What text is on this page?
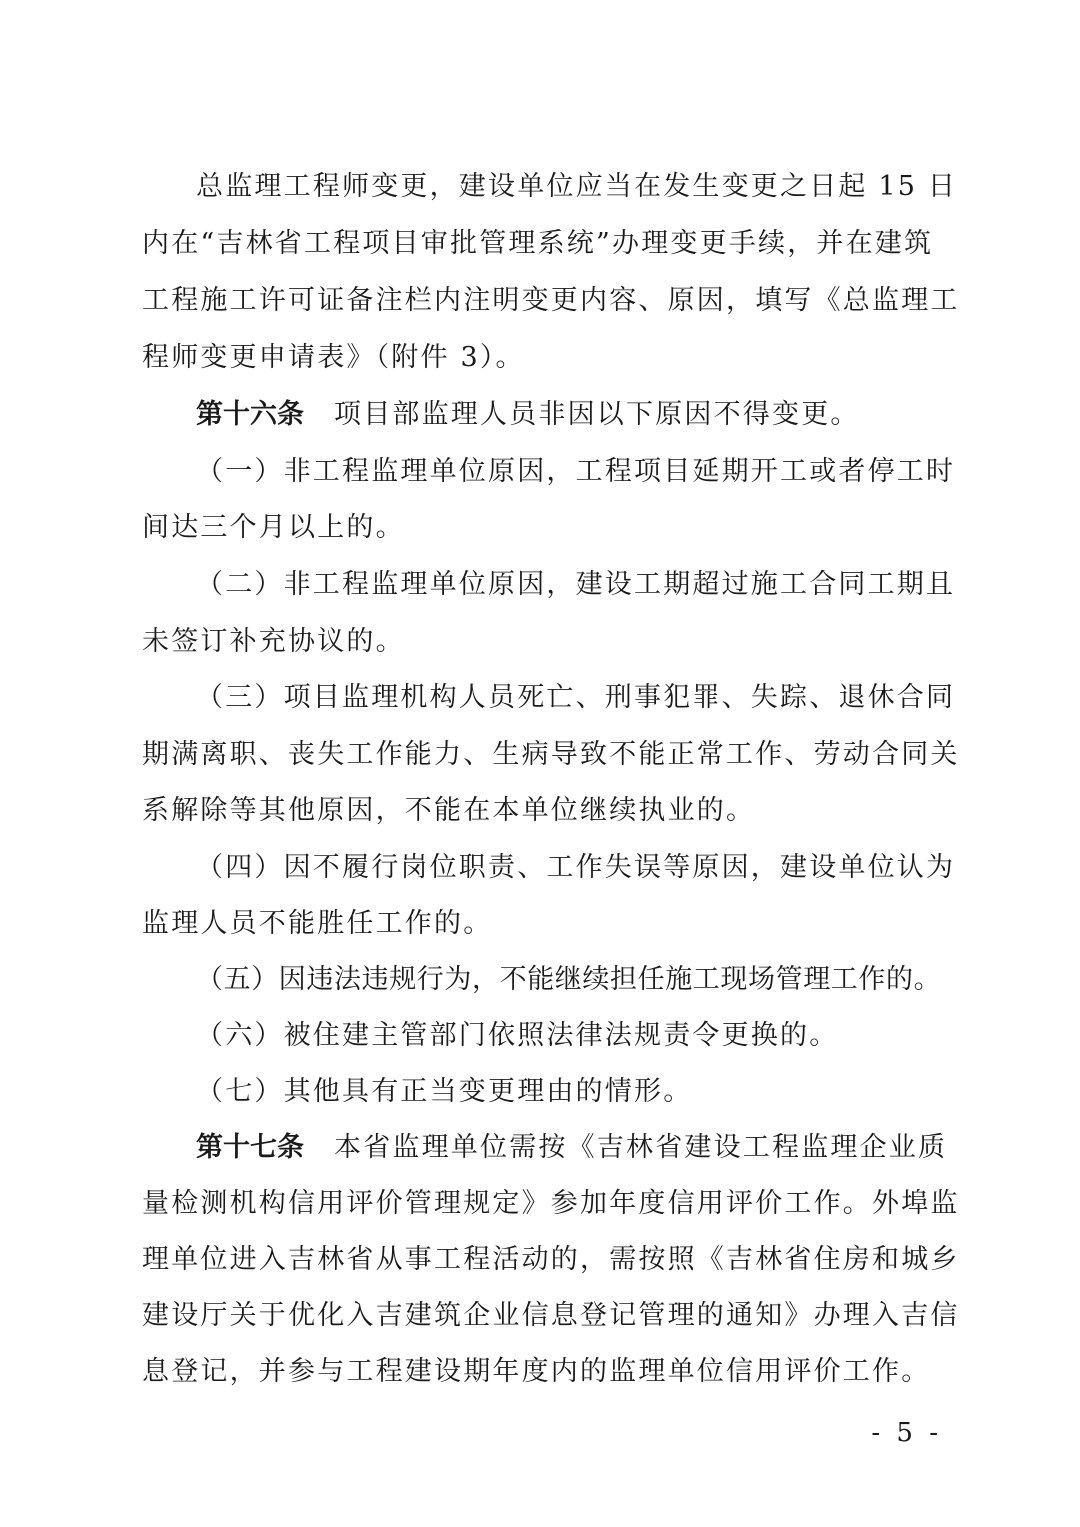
总监理工程师变更，建设单位应当在发生变更之日起 15 日
内在“吉林省工程项目审批管理系统”办理变更手续，并在建筑
工程施工许可证备注栏内注明变更内容、原因，填写《总监理工
程师变更申请表》（附件 3）。
第十六条 项目部监理人员非因以下原因不得变更。
（一）非工程监理单位原因，工程项目延期开工或者停工时
间达三个月以上的。
（二）非工程监理单位原因，建设工期超过施工合同工期且
未签订补充协议的。
（三）项目监理机构人员死亡、刑事犯罪、失踪、退休合同
期满离职、丧失工作能力、生病导致不能正常工作、劳动合同关
系解除等其他原因，不能在本单位继续执业的。
（四）因不履行岗位职责、工作失误等原因，建设单位认为
监理人员不能胜任工作的。
（五）因违法违规行为，不能继续担任施工现场管理工作的。
（六）被住建主管部门依照法律法规责令更换的。
（七）其他具有正当变更理由的情形。
第十七条 本省监理单位需按《吉林省建设工程监理企业质
量检测机构信用评价管理规定》参加年度信用评价工作。外埠监
理单位进入吉林省从事工程活动的，需按照《吉林省住房和城乡
建设厅关于优化入吉建筑企业信息登记管理的通知》办理入吉信
息登记，并参与工程建设期年度内的监理单位信用评价工作。
- 5 -
